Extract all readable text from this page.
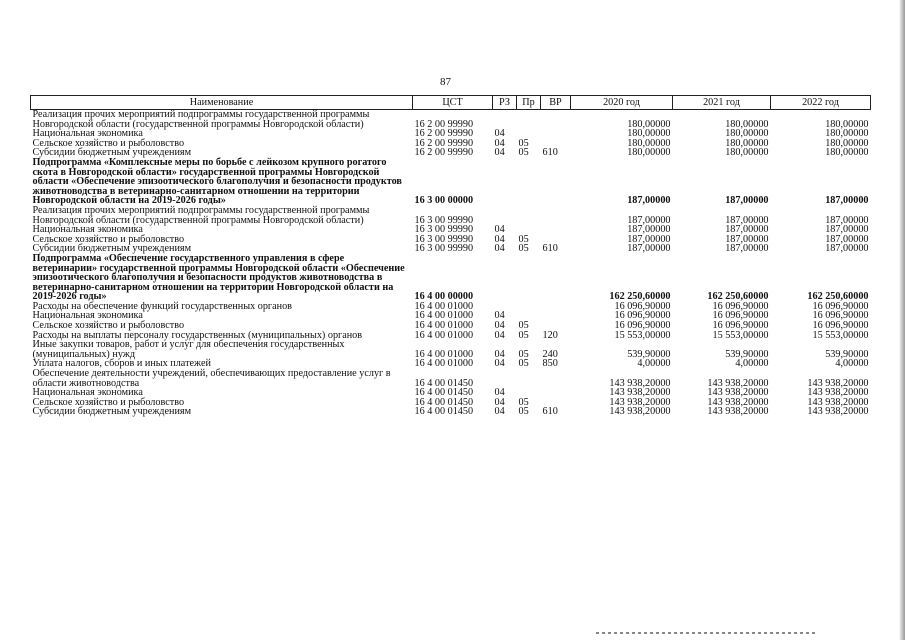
87
Наименование	ЦСТ	РЗ	Пр	ВР	2020 год	2021 год	2022 год
Реализация прочих мероприятий подпрограммы государственной программы Новгородской области (государственной программы Новгородской области)	16 2 00 99990				180,00000	180,00000	180,00000
Национальная экономика	16 2 00 99990	04			180,00000	180,00000	180,00000
Сельское хозяйство и рыболовство	16 2 00 99990	04	05		180,00000	180,00000	180,00000
Субсидии бюджетным учреждениям	16 2 00 99990	04	05	610	180,00000	180,00000	180,00000
Подпрограмма «Комплексные меры по борьбе с лейкозом крупного рогатого скота в Новгородской области» государственной программы Новгородской области «Обеспечение эпизоотического благополучия и безопасности продуктов животноводства в ветеринарно-санитарном отношении на территории Новгородской области на 2019-2026 годы»	16 3 00 00000				187,00000	187,00000	187,00000
Реализация прочих мероприятий подпрограммы государственной программы Новгородской области (государственной программы Новгородской области)	16 3 00 99990				187,00000	187,00000	187,00000
Национальная экономика	16 3 00 99990	04			187,00000	187,00000	187,00000
Сельское хозяйство и рыболовство	16 3 00 99990	04	05		187,00000	187,00000	187,00000
Субсидии бюджетным учреждениям	16 3 00 99990	04	05	610	187,00000	187,00000	187,00000
Подпрограмма «Обеспечение государственного управления в сфере ветеринарии» государственной программы Новгородской области «Обеспечение эпизоотического благополучия и безопасности продуктов животноводства в ветеринарно-санитарном отношении на территории Новгородской области на 2019-2026 годы»	16 4 00 00000				162 250,60000	162 250,60000	162 250,60000
Расходы на обеспечение функций государственных органов	16 4 00 01000				16 096,90000	16 096,90000	16 096,90000
Национальная экономика	16 4 00 01000	04			16 096,90000	16 096,90000	16 096,90000
Сельское хозяйство и рыболовство	16 4 00 01000	04	05		16 096,90000	16 096,90000	16 096,90000
Расходы на выплаты персоналу государственных (муниципальных) органов	16 4 00 01000	04	05	120	15 553,00000	15 553,00000	15 553,00000
Иные закупки товаров, работ и услуг для обеспечения государственных (муниципальных) нужд	16 4 00 01000	04	05	240	539,90000	539,90000	539,90000
Уплата налогов, сборов и иных платежей	16 4 00 01000	04	05	850	4,00000	4,00000	4,00000
Обеспечение деятельности учреждений, обеспечивающих предоставление услуг в области животноводства	16 4 00 01450				143 938,20000	143 938,20000	143 938,20000
Национальная экономика	16 4 00 01450	04			143 938,20000	143 938,20000	143 938,20000
Сельское хозяйство и рыболовство	16 4 00 01450	04	05		143 938,20000	143 938,20000	143 938,20000
Субсидии бюджетным учреждениям	16 4 00 01450	04	05	610	143 938,20000	143 938,20000	143 938,20000
